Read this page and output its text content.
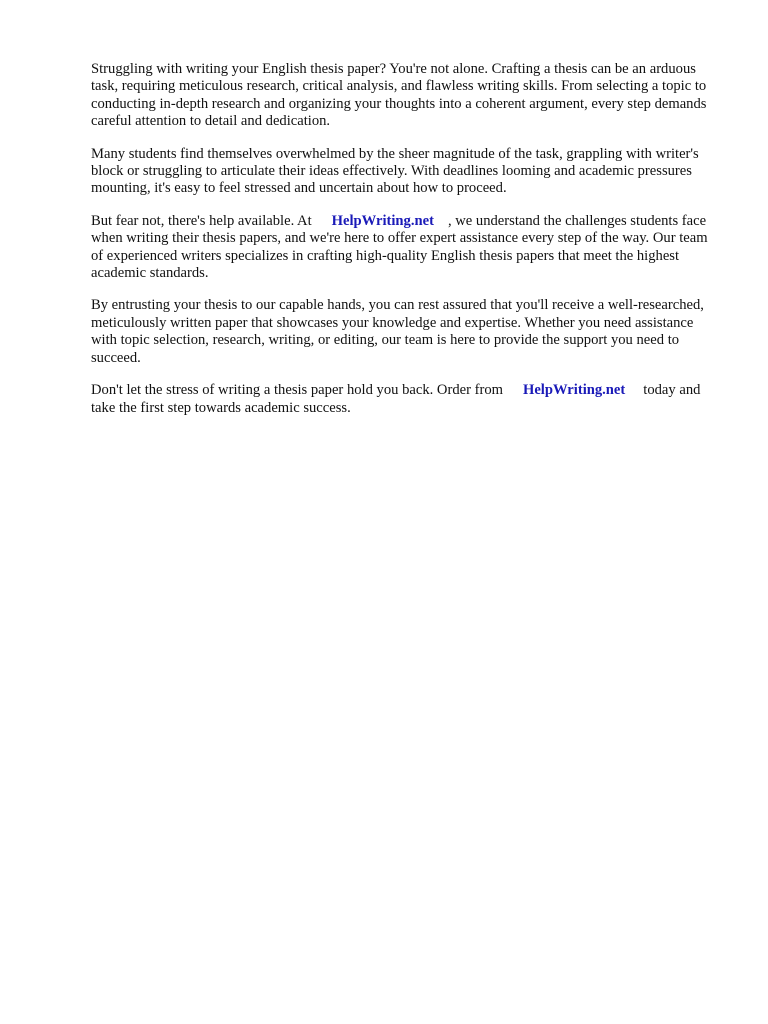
Struggling with writing your English thesis paper? You're not alone. Crafting a thesis can be an arduous task, requiring meticulous research, critical analysis, and flawless writing skills. From selecting a topic to conducting in-depth research and organizing your thoughts into a coherent argument, every step demands careful attention to detail and dedication.

Many students find themselves overwhelmed by the sheer magnitude of the task, grappling with writer's block or struggling to articulate their ideas effectively. With deadlines looming and academic pressures mounting, it's easy to feel stressed and uncertain about how to proceed.

But fear not, there's help available. At HelpWriting.net , we understand the challenges students face when writing their thesis papers, and we're here to offer expert assistance every step of the way. Our team of experienced writers specializes in crafting high-quality English thesis papers that meet the highest academic standards.

By entrusting your thesis to our capable hands, you can rest assured that you'll receive a well-researched, meticulously written paper that showcases your knowledge and expertise. Whether you need assistance with topic selection, research, writing, or editing, our team is here to provide the support you need to succeed.

Don't let the stress of writing a thesis paper hold you back. Order from HelpWriting.net today and take the first step towards academic success.
